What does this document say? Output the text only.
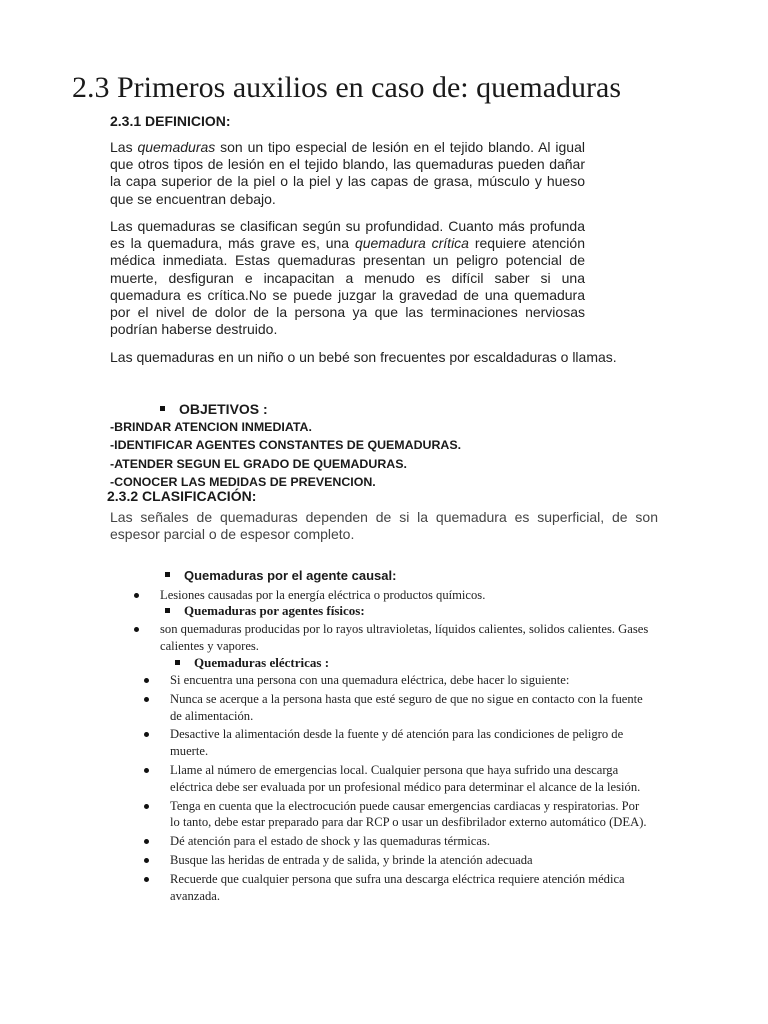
2.3 Primeros auxilios en caso de: quemaduras
2.3.1 DEFINICION:

Las quemaduras son un tipo especial de lesión en el tejido blando. Al igual que otros tipos de lesión en el tejido blando, las quemaduras pueden dañar la capa superior de la piel o la piel y las capas de grasa, músculo y hueso que se encuentran debajo.

Las quemaduras se clasifican según su profundidad. Cuanto más profunda es la quemadura, más grave es, una quemadura crítica requiere atención médica inmediata. Estas quemaduras presentan un peligro potencial de muerte, desfiguran e incapacitan a menudo es difícil saber si una quemadura es crítica.No se puede juzgar la gravedad de una quemadura por el nivel de dolor de la persona ya que las terminaciones nerviosas podrían haberse destruido.

Las quemaduras en un niño o un bebé son frecuentes por escaldaduras o llamas.

OBJETIVOS :
-BRINDAR ATENCION INMEDIATA.
-IDENTIFICAR AGENTES CONSTANTES DE QUEMADURAS.
-ATENDER SEGUN EL GRADO DE QUEMADURAS.
-CONOCER LAS MEDIDAS DE PREVENCION.
2.3.2 CLASIFICACIÓN:

Las señales de quemaduras dependen de si la quemadura es superficial, de son espesor parcial o de espesor completo.

Quemaduras por el agente causal:
Lesiones causadas por la energía eléctrica o productos químicos.
Quemaduras por agentes físicos:
son quemaduras producidas por lo rayos ultravioletas, líquidos calientes, solidos calientes. Gases calientes y vapores.
Quemaduras eléctricas :
Si encuentra una persona con una quemadura eléctrica, debe hacer lo siguiente:
Nunca se acerque a la persona hasta que esté seguro de que no sigue en contacto con la fuente de alimentación.
Desactive la alimentación desde la fuente y dé atención para las condiciones de peligro de muerte.
Llame al número de emergencias local. Cualquier persona que haya sufrido una descarga eléctrica debe ser evaluada por un profesional médico para determinar el alcance de la lesión.
Tenga en cuenta que la electrocución puede causar emergencias cardiacas y respiratorias. Por lo tanto, debe estar preparado para dar RCP o usar un desfibrilador externo automático (DEA).
Dé atención para el estado de shock y las quemaduras térmicas.
Busque las heridas de entrada y de salida, y brinde la atención adecuada
Recuerde que cualquier persona que sufra una descarga eléctrica requiere atención médica avanzada.
